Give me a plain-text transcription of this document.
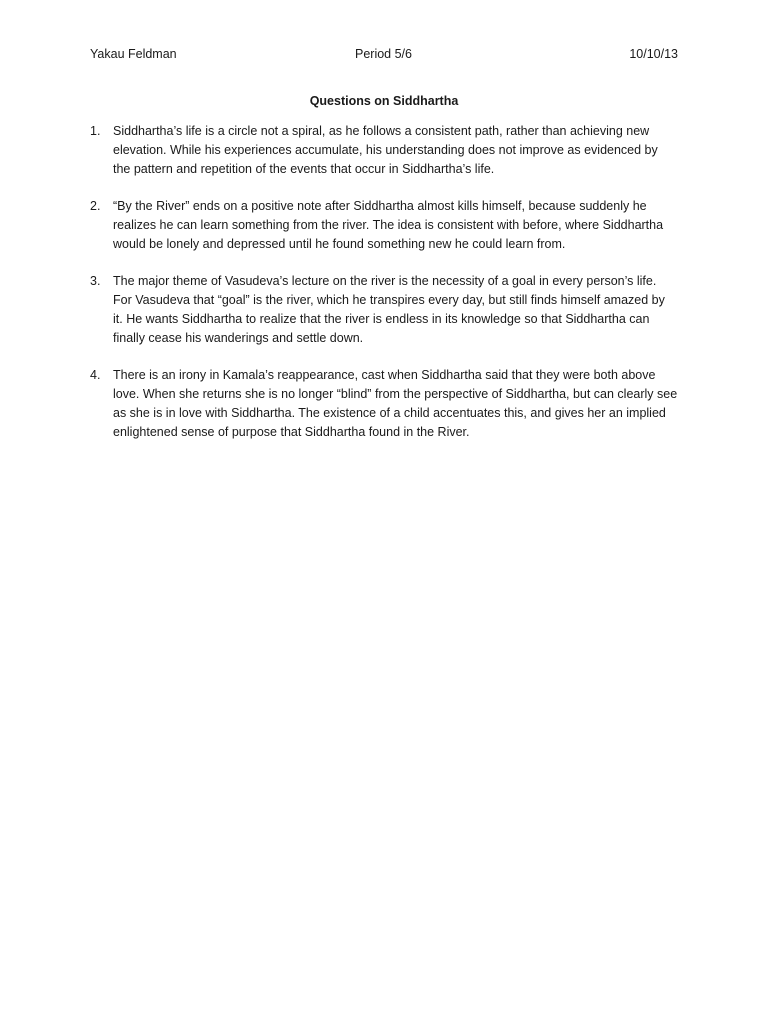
Yakau Feldman	Period 5/6	10/10/13
Questions on Siddhartha
1. Siddhartha’s life is a circle not a spiral, as he follows a consistent path, rather than achieving new elevation. While his experiences accumulate, his understanding does not improve as evidenced by the pattern and repetition of the events that occur in Siddhartha’s life.
2. “By the River” ends on a positive note after Siddhartha almost kills himself, because suddenly he realizes he can learn something from the river. The idea is consistent with before, where Siddhartha would be lonely and depressed until he found something new he could learn from.
3. The major theme of Vasudeva’s lecture on the river is the necessity of a goal in every person’s life. For Vasudeva that “goal” is the river, which he transpires every day, but still finds himself amazed by it. He wants Siddhartha to realize that the river is endless in its knowledge so that Siddhartha can finally cease his wanderings and settle down.
4. There is an irony in Kamala’s reappearance, cast when Siddhartha said that they were both above love. When she returns she is no longer “blind” from the perspective of Siddhartha, but can clearly see as she is in love with Siddhartha. The existence of a child accentuates this, and gives her an implied enlightened sense of purpose that Siddhartha found in the River.
